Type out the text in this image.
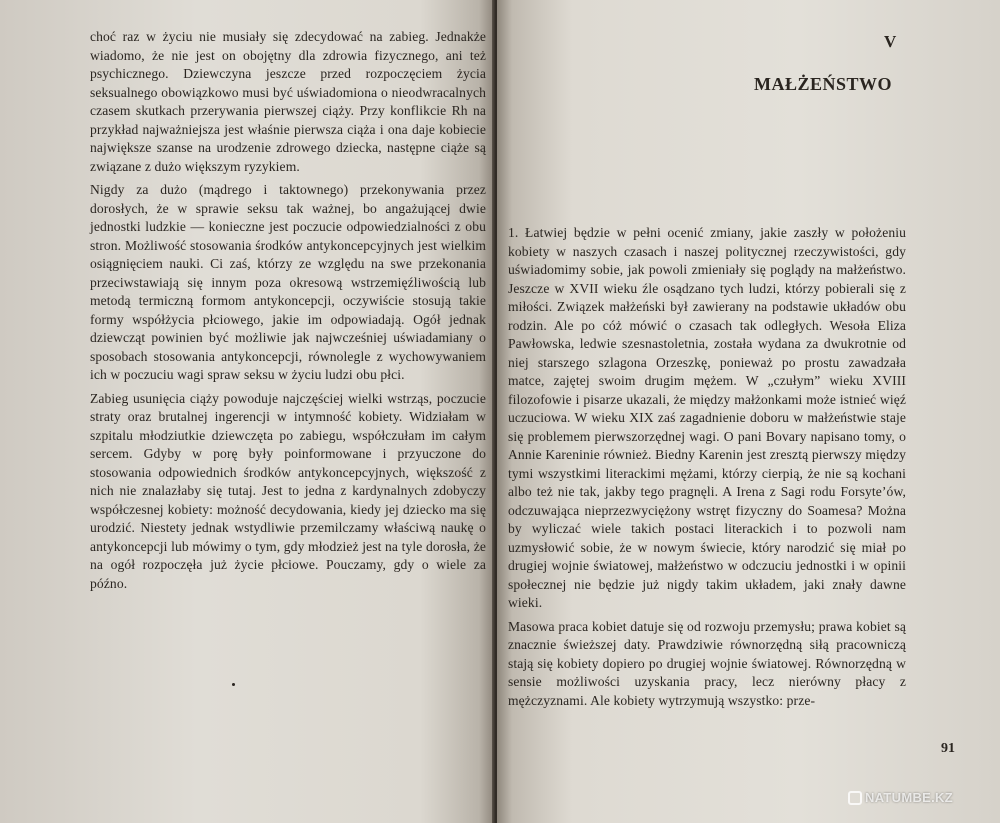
choć raz w życiu nie musiały się zdecydować na zabieg. Jednakże wiadomo, że nie jest on obojętny dla zdrowia fizycznego, ani też psychicznego. Dziewczyna jeszcze przed rozpoczęciem życia seksualnego obowiązkowo musi być uświadomiona o nieodwracalnych czasem skutkach przerywania pierwszej ciąży. Przy konflikcie Rh na przykład najważniejsza jest właśnie pierwsza ciąża i ona daje kobiecie największe szanse na urodzenie zdrowego dziecka, następne ciąże są związane z dużo większym ryzykiem.

Nigdy za dużo (mądrego i taktownego) przekonywania przez dorosłych, że w sprawie seksu tak ważnej, bo angażującej dwie jednostki ludzkie — konieczne jest poczucie odpowiedzialności z obu stron. Możliwość stosowania środków antykoncepcyjnych jest wielkim osiągnięciem nauki. Ci zaś, którzy ze względu na swe przekonania przeciwstawiają się innym poza okresową wstrzemięźliwością lub metodą termiczną formom antykoncepcji, oczywiście stosują takie formy współżycia płciowego, jakie im odpowiadają. Ogół jednak dziewcząt powinien być możliwie jak najwcześniej uświadamiany o sposobach stosowania antykoncepcji, równolegle z wychowywaniem ich w poczuciu wagi spraw seksu w życiu ludzi obu płci.

Zabieg usunięcia ciąży powoduje najczęściej wielki wstrząs, poczucie straty oraz brutalnej ingerencji w intymność kobiety. Widziałam w szpitalu młodziutkie dziewczęta po zabiegu, współczułam im całym sercem. Gdyby w porę były poinformowane i przyuczone do stosowania odpowiednich środków antykoncepcyjnych, większość z nich nie znalazłaby się tutaj. Jest to jedna z kardynalnych zdobyczy współczesnej kobiety: możność decydowania, kiedy jej dziecko ma się urodzić. Niestety jednak wstydliwie przemilczamy właściwą naukę o antykoncepcji lub mówimy o tym, gdy młodzież jest na tyle dorosła, że na ogół rozpoczęła już życie płciowe. Pouczamy, gdy o wiele za późno.

V
MAŁŻEŃSTWO

1. Łatwiej będzie w pełni ocenić zmiany, jakie zaszły w położeniu kobiety w naszych czasach i naszej politycznej rzeczywistości, gdy uświadomimy sobie, jak powoli zmieniały się poglądy na małżeństwo. Jeszcze w XVII wieku źle osądzano tych ludzi, którzy pobierali się z miłości. Związek małżeński był zawierany na podstawie układów obu rodzin. Ale po cóż mówić o czasach tak odległych. Wesoła Eliza Pawłowska, ledwie szesnastoletnia, została wydana za dwukrotnie od niej starszego szlagona Orzeszkę, ponieważ po prostu zawadzała matce, zajętej swoim drugim mężem. W „czułym” wieku XVIII filozofowie i pisarze ukazali, że między małżonkami może istnieć więź uczuciowa. W wieku XIX zaś zagadnienie doboru w małżeństwie staje się problemem pierwszorzędnej wagi. O pani Bovary napisano tomy, o Annie Kareninie również. Biedny Karenin jest zresztą pierwszy między tymi wszystkimi literackimi mężami, którzy cierpią, że nie są kochani albo też nie tak, jakby tego pragnęli. A Irena z Sagi rodu Forsyte’ów, odczuwająca nieprzezwyciężony wstręt fizyczny do Soamesa? Można by wyliczać wiele takich postaci literackich i to pozwoli nam uzmysłowić sobie, że w nowym świecie, który narodzić się miał po drugiej wojnie światowej, małżeństwo w odczuciu jednostki i w opinii społecznej nie będzie już nigdy takim układem, jaki znały dawne wieki.

Masowa praca kobiet datuje się od rozwoju przemysłu; prawa kobiet są znacznie świeższej daty. Prawdziwie równorzędną siłą pracowniczą stają się kobiety dopiero po drugiej wojnie światowej. Równorzędną w sensie możliwości uzyskania pracy, lecz nierówny płacy z mężczyznami. Ale kobiety wytrzymują wszystko: prze-

91
NATUMBE.KZ
